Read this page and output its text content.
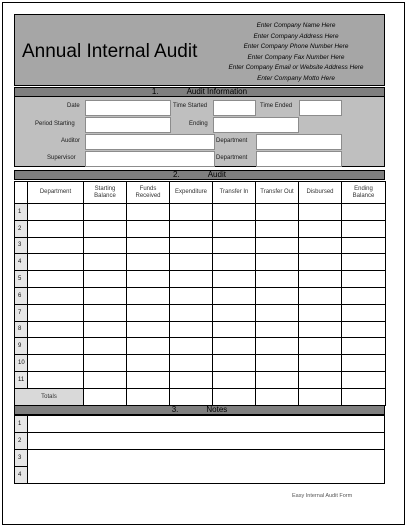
Annual Internal Audit
Enter Company Name Here
Enter Company Address Here
Enter Company Phone Number Here
Enter Company Fax Number Here
Enter Company Email or Website Address Here
Enter Company Motto Here
1.	Audit Information
Date	Time Started	Time Ended
Period Starting	Ending
Auditor	Department
Supervisor	Department
2.	Audit
	Department	Starting Balance	Funds Received	Expenditure	Transfer In	Transfer Out	Disbursed	Ending Balance
1								
2								
3								
4								
5								
6								
7								
8								
9								
10								
11								
Totals								
3.	Notes
1	
2	
3	
4	
Easy Internal Audit Form
